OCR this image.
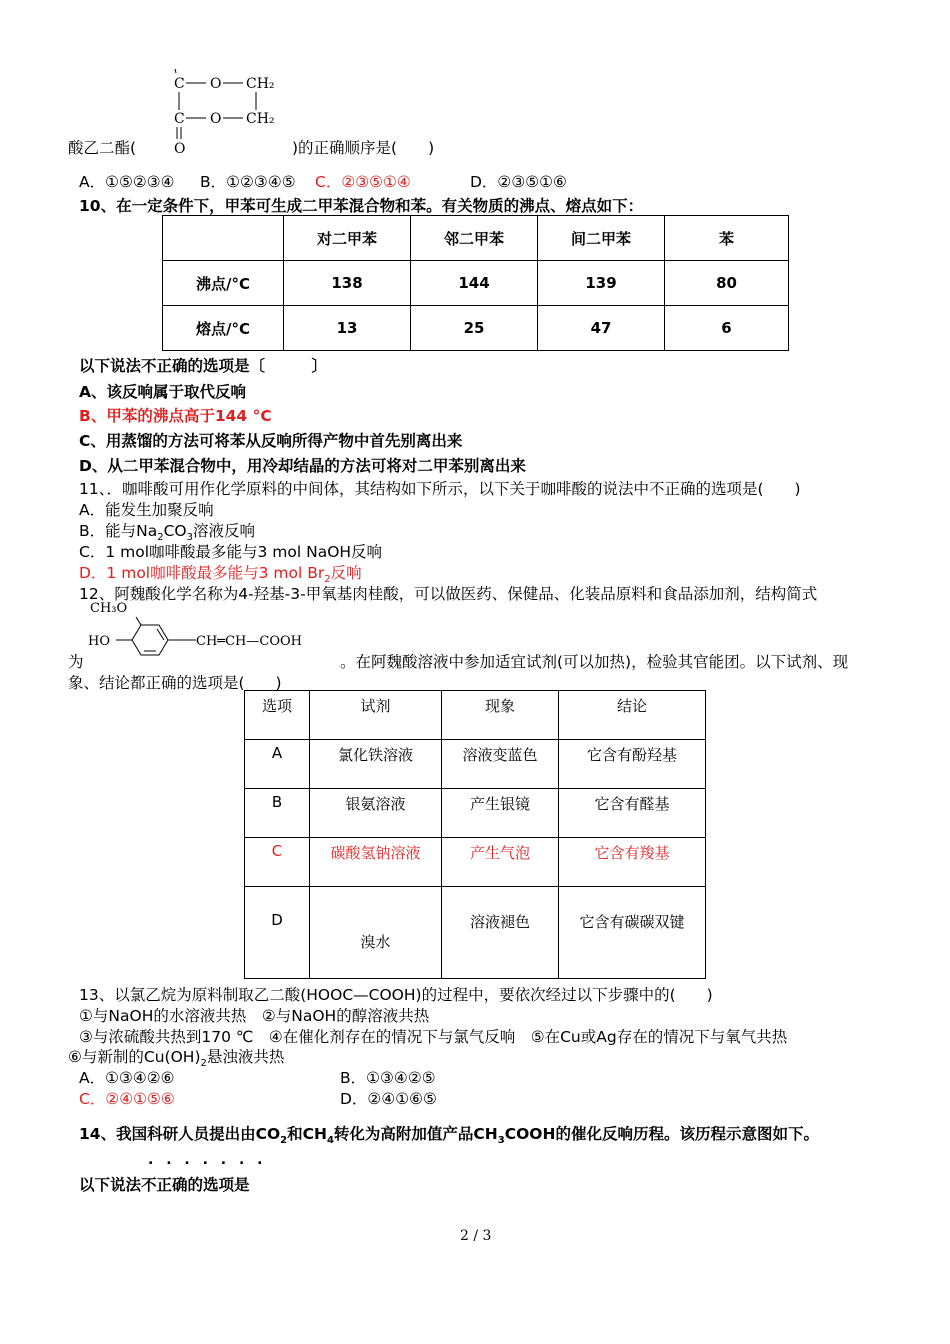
C O CH₂
C O CH₂
O
酸乙二酯(	)的正确顺序是(　　)
A．①⑤②③④ B．①②③④⑤ C．②③⑤①④	D．②③⑤①⑥
10、在一定条件下，甲苯可生成二甲苯混合物和苯。有关物质的沸点、熔点如下：
	对二甲苯	邻二甲苯	间二甲苯	苯
沸点/°C	138	144	139	80
熔点/°C	13	25	47	6
以下说法不正确的选项是〔　　　〕
A、该反响属于取代反响
B、甲苯的沸点高于144 °C
C、用蒸馏的方法可将苯从反响所得产物中首先别离出来
D、从二甲苯混合物中，用冷却结晶的方法可将对二甲苯别离出来
11、．咖啡酸可用作化学原料的中间体，其结构如下所示，以下关于咖啡酸的说法中不正确的选项是(　　)
A．能发生加聚反响
B．能与$Na_2CO_3$溶液反响
C．1 mol咖啡酸最多能与3 mol NaOH反响
D．1 mol咖啡酸最多能与3 mol $Br_2$反响
12、阿魏酸化学名称为4-羟基-3-甲氧基肉桂酸，可以做医药、保健品、化装品原料和食品添加剂，结构简式
CH₃O
HO	CH═CH—COOH
为	。在阿魏酸溶液中参加适宜试剂(可以加热)，检验其官能团。以下试剂、现
象、结论都正确的选项是(　　)
选项	试剂	现象	结论
A	氯化铁溶液	溶液变蓝色	它含有酚羟基
B	银氨溶液	产生银镜	它含有醛基
C	碳酸氢钠溶液	产生气泡	它含有羧基
D	溴水	溶液褪色	它含有碳碳双键
13、以氯乙烷为原料制取乙二酸(HOOC—COOH)的过程中，要依次经过以下步骤中的(　　)
①与NaOH的水溶液共热　②与NaOH的醇溶液共热
③与浓硫酸共热到170 ℃　④在催化剂存在的情况下与氯气反响　⑤在Cu或Ag存在的情况下与氧气共热
⑥与新制的$Cu(OH)_2$悬浊液共热
A．①③④②⑥	B．①③④②⑤
C．②④①⑤⑥	D．②④①⑥⑤
14、我国科研人员提出由$CO_2$和$CH_4$转化为高附加值产品$CH_3COOH$的催化反响历程。该历程示意图如下。
. . . . . . .
以下说法不正确的选项是
2 / 3
